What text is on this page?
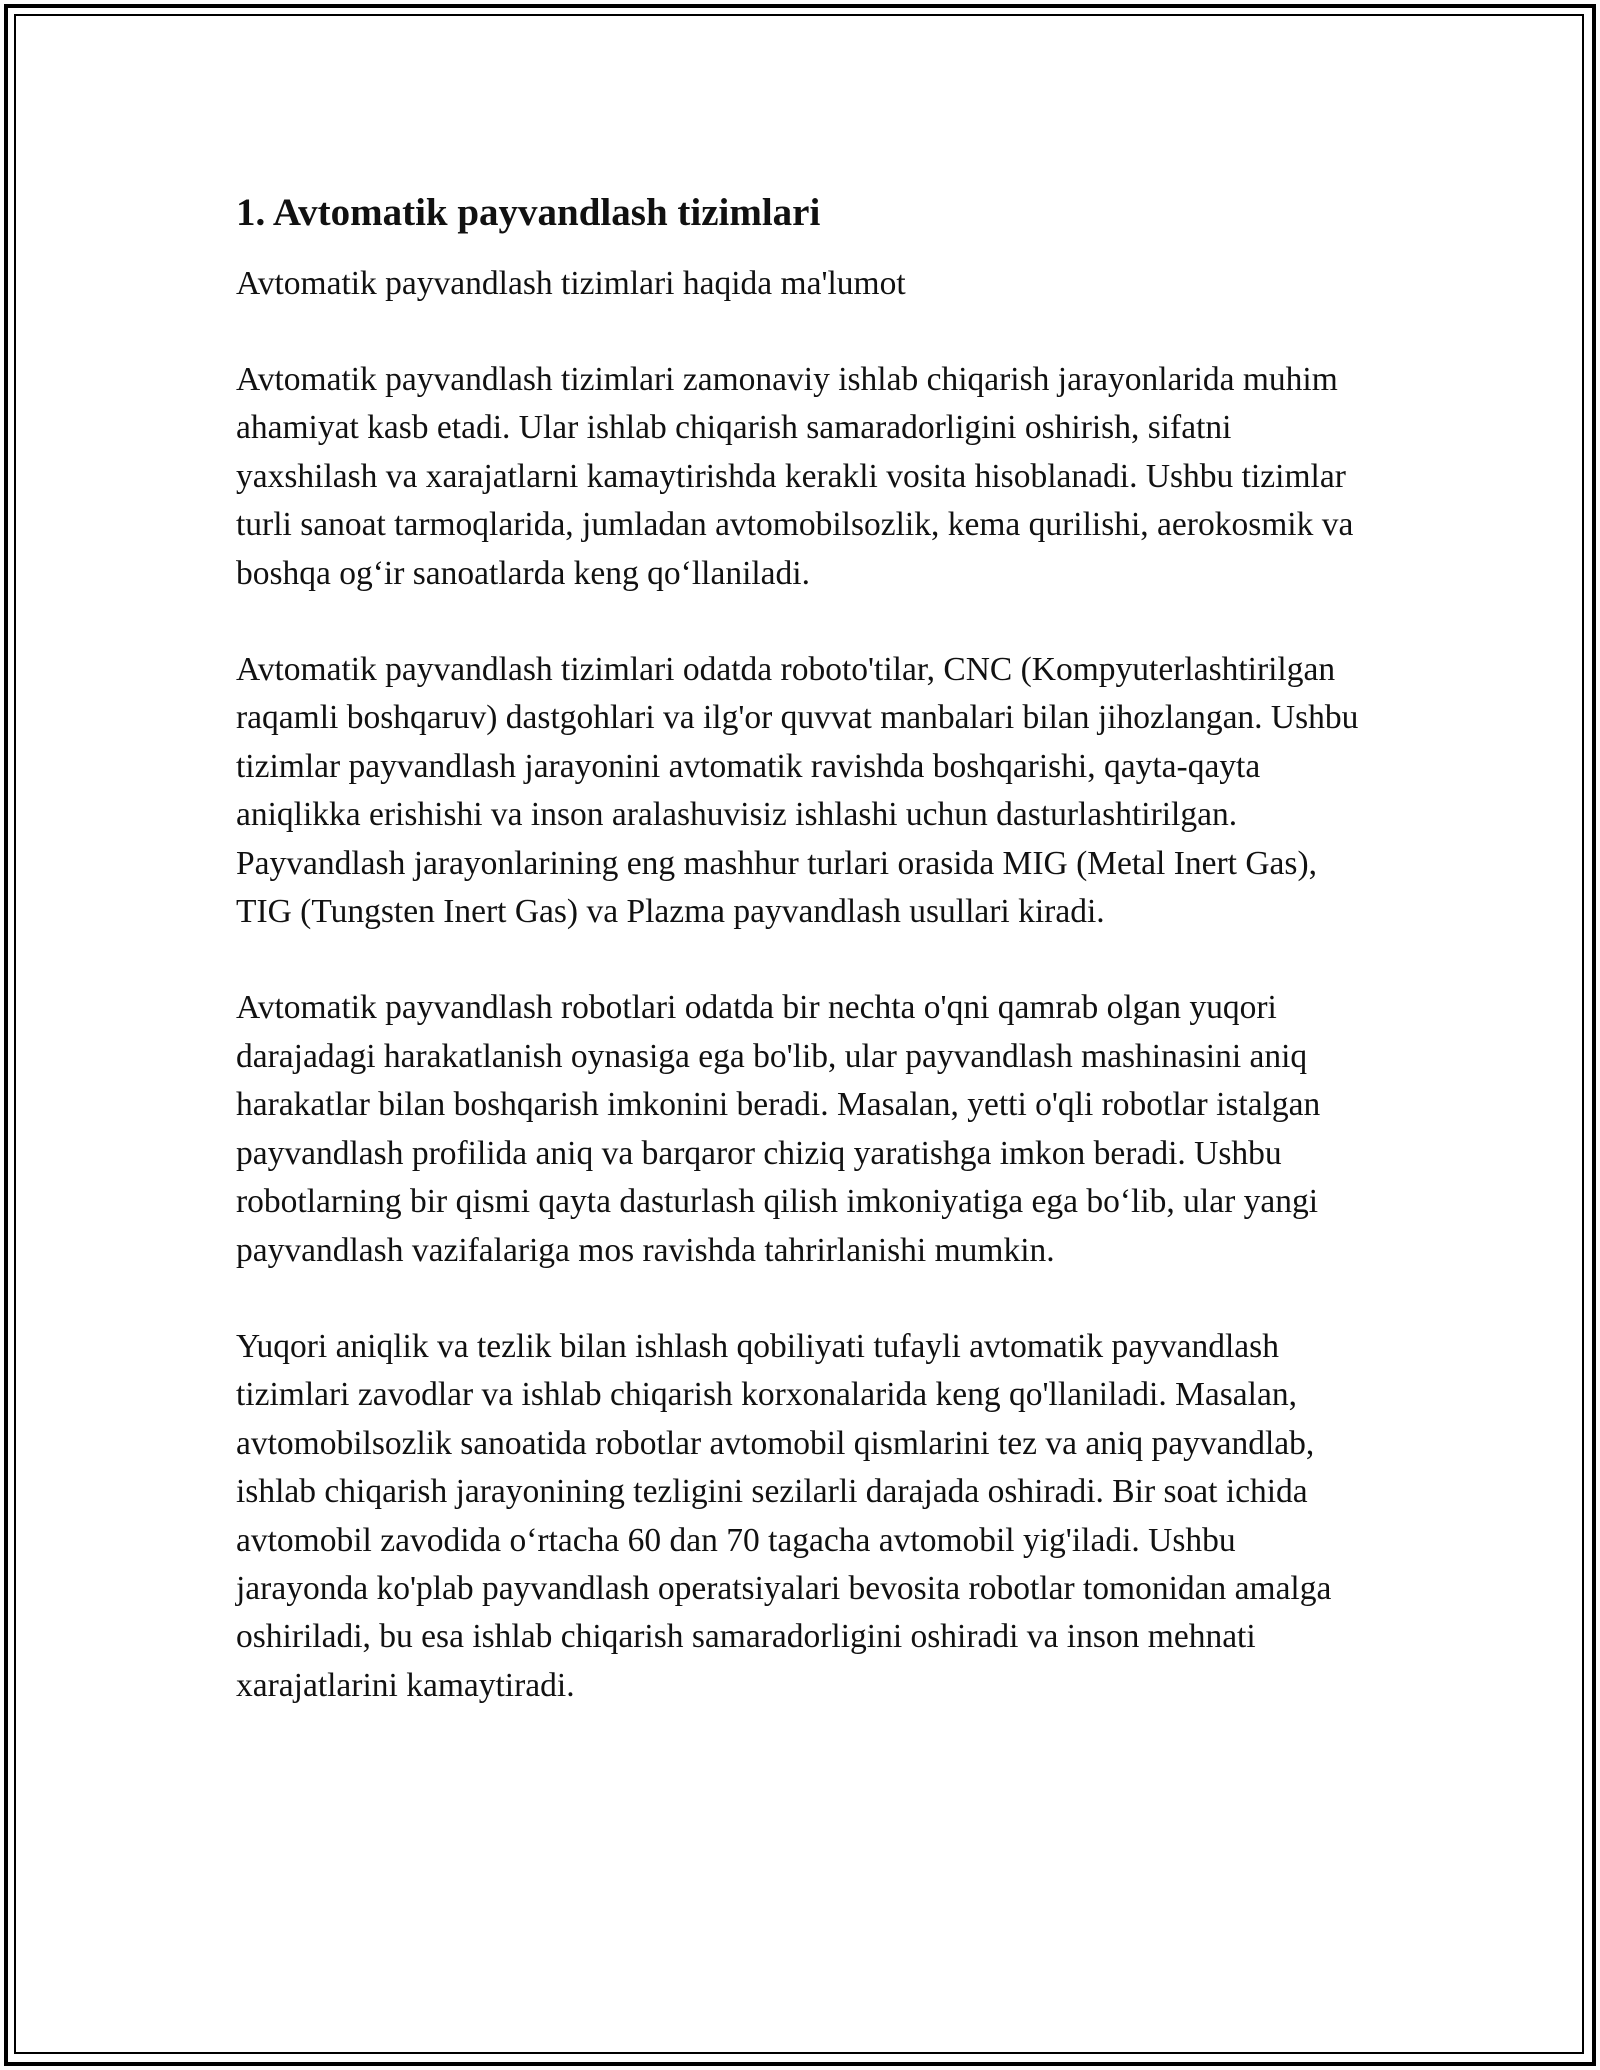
1. Avtomatik payvandlash tizimlari

Avtomatik payvandlash tizimlari haqida ma'lumot

Avtomatik payvandlash tizimlari zamonaviy ishlab chiqarish jarayonlarida muhim ahamiyat kasb etadi. Ular ishlab chiqarish samaradorligini oshirish, sifatni yaxshilash va xarajatlarni kamaytirishda kerakli vosita hisoblanadi. Ushbu tizimlar turli sanoat tarmoqlarida, jumladan avtomobilsozlik, kema qurilishi, aerokosmik va boshqa og‘ir sanoatlarda keng qo‘llaniladi.

Avtomatik payvandlash tizimlari odatda roboto'tilar, CNC (Kompyuterlashtirilgan raqamli boshqaruv) dastgohlari va ilg'or quvvat manbalari bilan jihozlangan. Ushbu tizimlar payvandlash jarayonini avtomatik ravishda boshqarishi, qayta-qayta aniqlikka erishishi va inson aralashuvisiz ishlashi uchun dasturlashtirilgan. Payvandlash jarayonlarining eng mashhur turlari orasida MIG (Metal Inert Gas), TIG (Tungsten Inert Gas) va Plazma payvandlash usullari kiradi.

Avtomatik payvandlash robotlari odatda bir nechta o'qni qamrab olgan yuqori darajadagi harakatlanish oynasiga ega bo'lib, ular payvandlash mashinasini aniq harakatlar bilan boshqarish imkonini beradi. Masalan, yetti o'qli robotlar istalgan payvandlash profilida aniq va barqaror chiziq yaratishga imkon beradi. Ushbu robotlarning bir qismi qayta dasturlash qilish imkoniyatiga ega bo‘lib, ular yangi payvandlash vazifalariga mos ravishda tahrirlanishi mumkin.

Yuqori aniqlik va tezlik bilan ishlash qobiliyati tufayli avtomatik payvandlash tizimlari zavodlar va ishlab chiqarish korxonalarida keng qo'llaniladi. Masalan, avtomobilsozlik sanoatida robotlar avtomobil qismlarini tez va aniq payvandlab, ishlab chiqarish jarayonining tezligini sezilarli darajada oshiradi. Bir soat ichida avtomobil zavodida o‘rtacha 60 dan 70 tagacha avtomobil yig'iladi. Ushbu jarayonda ko'plab payvandlash operatsiyalari bevosita robotlar tomonidan amalga oshiriladi, bu esa ishlab chiqarish samaradorligini oshiradi va inson mehnati xarajatlarini kamaytiradi.
